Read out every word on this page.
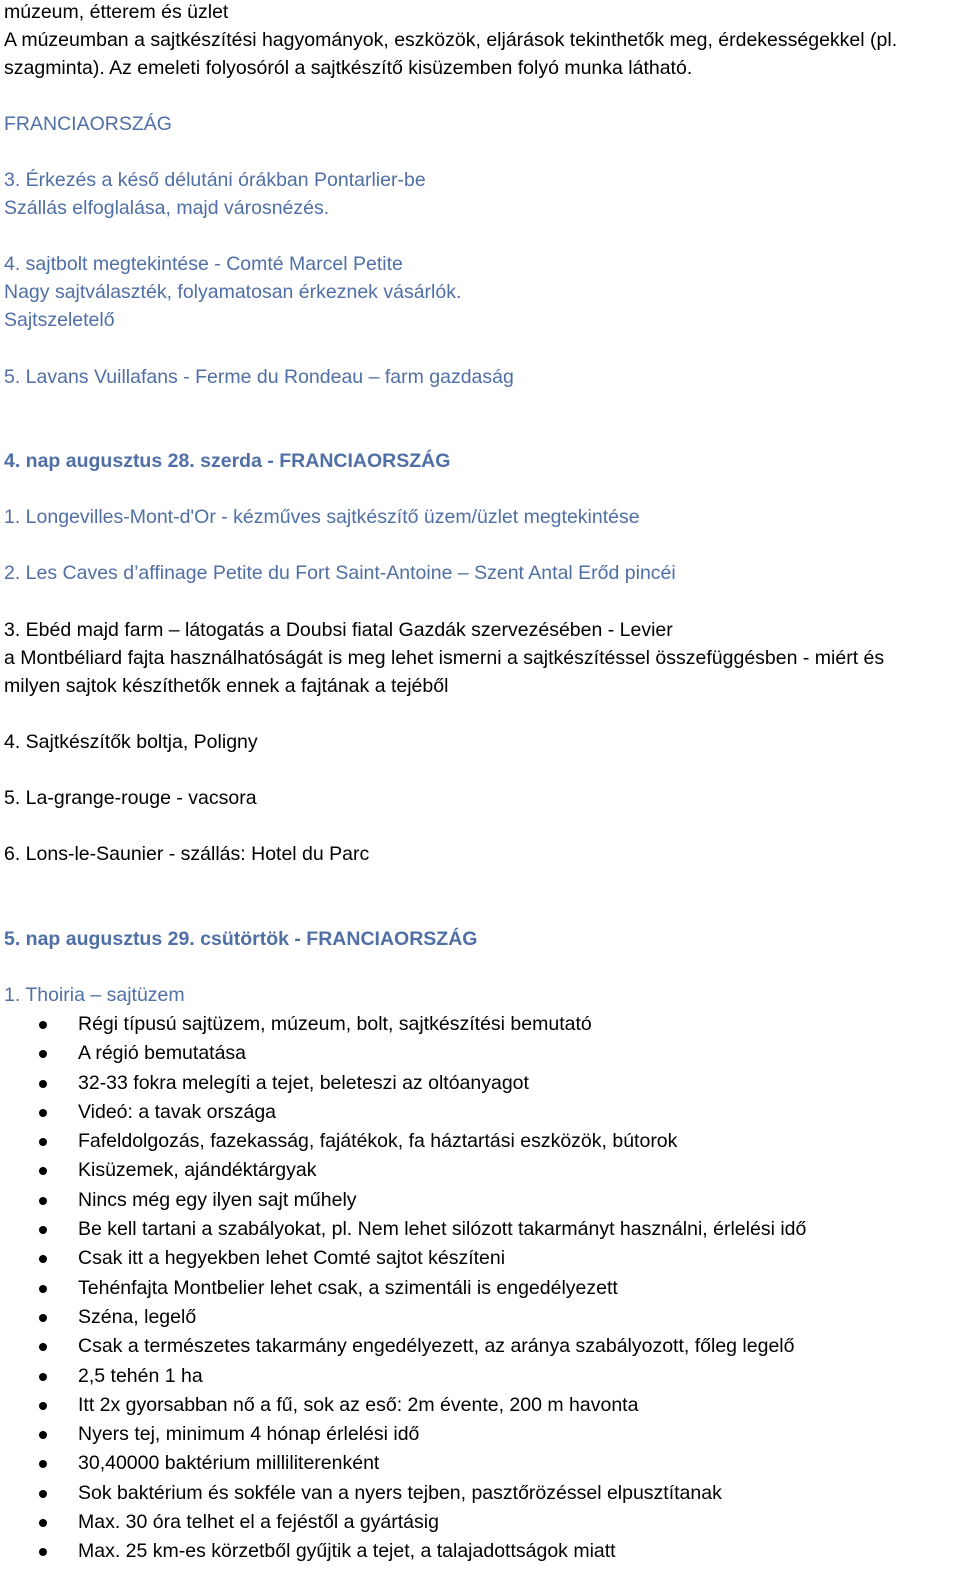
múzeum, étterem és üzlet
A múzeumban a sajtkészítési hagyományok, eszközök, eljárások tekinthetők meg, érdekességekkel (pl.
szagminta). Az emeleti folyosóról a sajtkészítő kisüzemben folyó munka látható.
FRANCIAORSZÁG
3. Érkezés a késő délutáni órákban Pontarlier-be
Szállás elfoglalása, majd városnézés.
4. sajtbolt megtekintése - Comté Marcel Petite
Nagy sajtválaszték, folyamatosan érkeznek vásárlók.
Sajtszeletelő
5. Lavans Vuillafans - Ferme du Rondeau – farm gazdaság
4. nap augusztus 28. szerda - FRANCIAORSZÁG
1. Longevilles-Mont-d'Or - kézműves sajtkészítő üzem/üzlet megtekintése
2. Les Caves d’affinage Petite du Fort Saint-Antoine – Szent Antal Erőd pincéi
3. Ebéd majd farm – látogatás a Doubsi fiatal Gazdák szervezésében - Levier
a Montbéliard fajta használhatóságát is meg lehet ismerni a sajtkészítéssel összefüggésben - miért és
milyen sajtok készíthetők ennek a fajtának a tejéből
4. Sajtkészítők boltja, Poligny
5. La-grange-rouge - vacsora
6. Lons-le-Saunier - szállás: Hotel du Parc
5. nap augusztus 29. csütörtök - FRANCIAORSZÁG
1. Thoiria – sajtüzem
Régi típusú sajtüzem, múzeum, bolt, sajtkészítési bemutató
A régió bemutatása
32-33 fokra melegíti a tejet, beleteszi az oltóanyagot
Videó: a tavak országa
Fafeldolgozás, fazekasság, fajátékok, fa háztartási eszközök, bútorok
Kisüzemek, ajándéktárgyak
Nincs még egy ilyen sajt műhely
Be kell tartani a szabályokat, pl. Nem lehet silózott takarmányt használni, érlelési idő
Csak itt a hegyekben lehet Comté sajtot készíteni
Tehénfajta Montbelier lehet csak, a szimentáli is engedélyezett
Széna, legelő
Csak a természetes takarmány engedélyezett, az aránya szabályozott, főleg legelő
2,5 tehén 1 ha
Itt 2x gyorsabban nő a fű, sok az eső: 2m évente, 200 m havonta
Nyers tej, minimum 4 hónap érlelési idő
30,40000 baktérium milliliterenként
Sok baktérium és sokféle van a nyers tejben, pasztőrözéssel elpusztítanak
Max. 30 óra telhet el a fejéstől a gyártásig
Max. 25 km-es körzetből gyűjtik a tejet, a talajadottságok miatt
